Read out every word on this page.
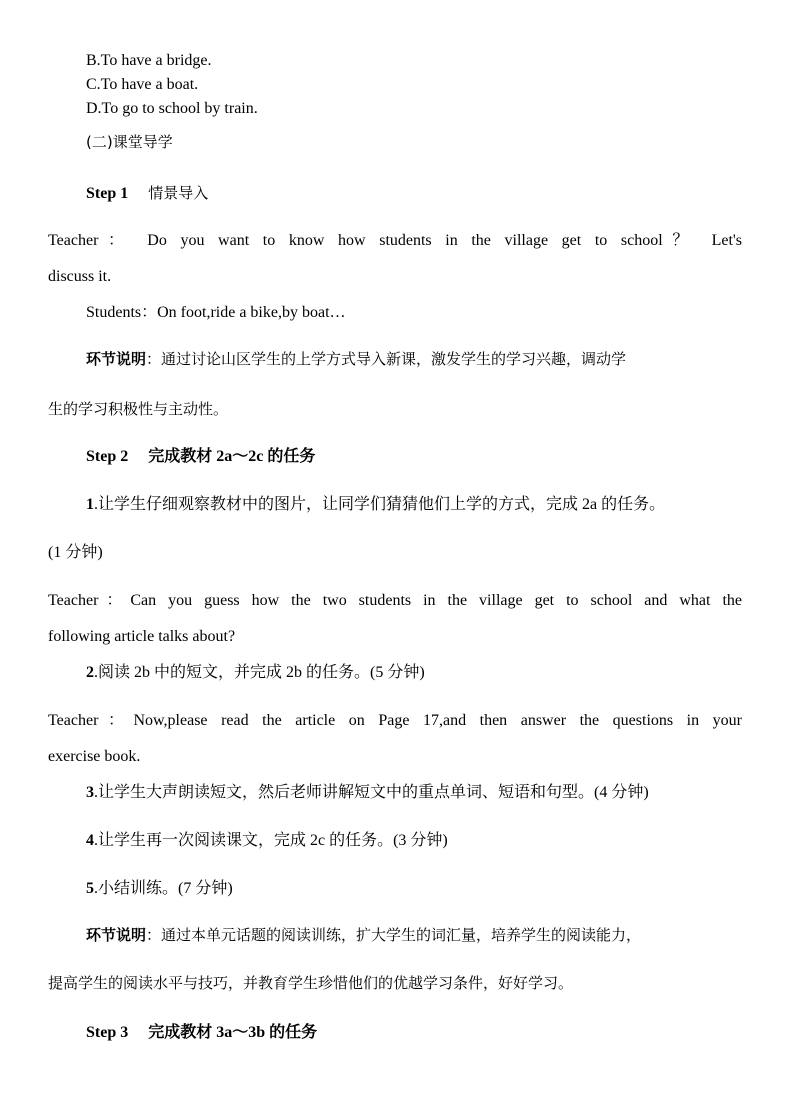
B.To have a bridge.
C.To have a boat.
D.To go to school by train.
(二)课堂导学
Step 1 情景导入
Teacher： Do you want to know how students in the village get to school？ Let's
discuss it.
Students：On foot,ride a bike,by boat…
环节说明：通过讨论山区学生的上学方式导入新课，激发学生的学习兴趣，调动学
生的学习积极性与主动性。
Step 2 完成教材 2a～2c 的任务
1.让学生仔细观察教材中的图片，让同学们猜猜他们上学的方式，完成 2a 的任务。
(1 分钟)
Teacher：Can you guess how the two students in the village get to school and what the
following article talks about?
2.阅读 2b 中的短文，并完成 2b 的任务。(5 分钟)
Teacher：Now,please read the article on Page 17,and then answer the questions in your
exercise book.
3.让学生大声朗读短文，然后老师讲解短文中的重点单词、短语和句型。(4 分钟)
4.让学生再一次阅读课文，完成 2c 的任务。(3 分钟)
5.小结训练。(7 分钟)
环节说明：通过本单元话题的阅读训练，扩大学生的词汇量，培养学生的阅读能力，
提高学生的阅读水平与技巧，并教育学生珍惜他们的优越学习条件，好好学习。
Step 3 完成教材 3a～3b 的任务
